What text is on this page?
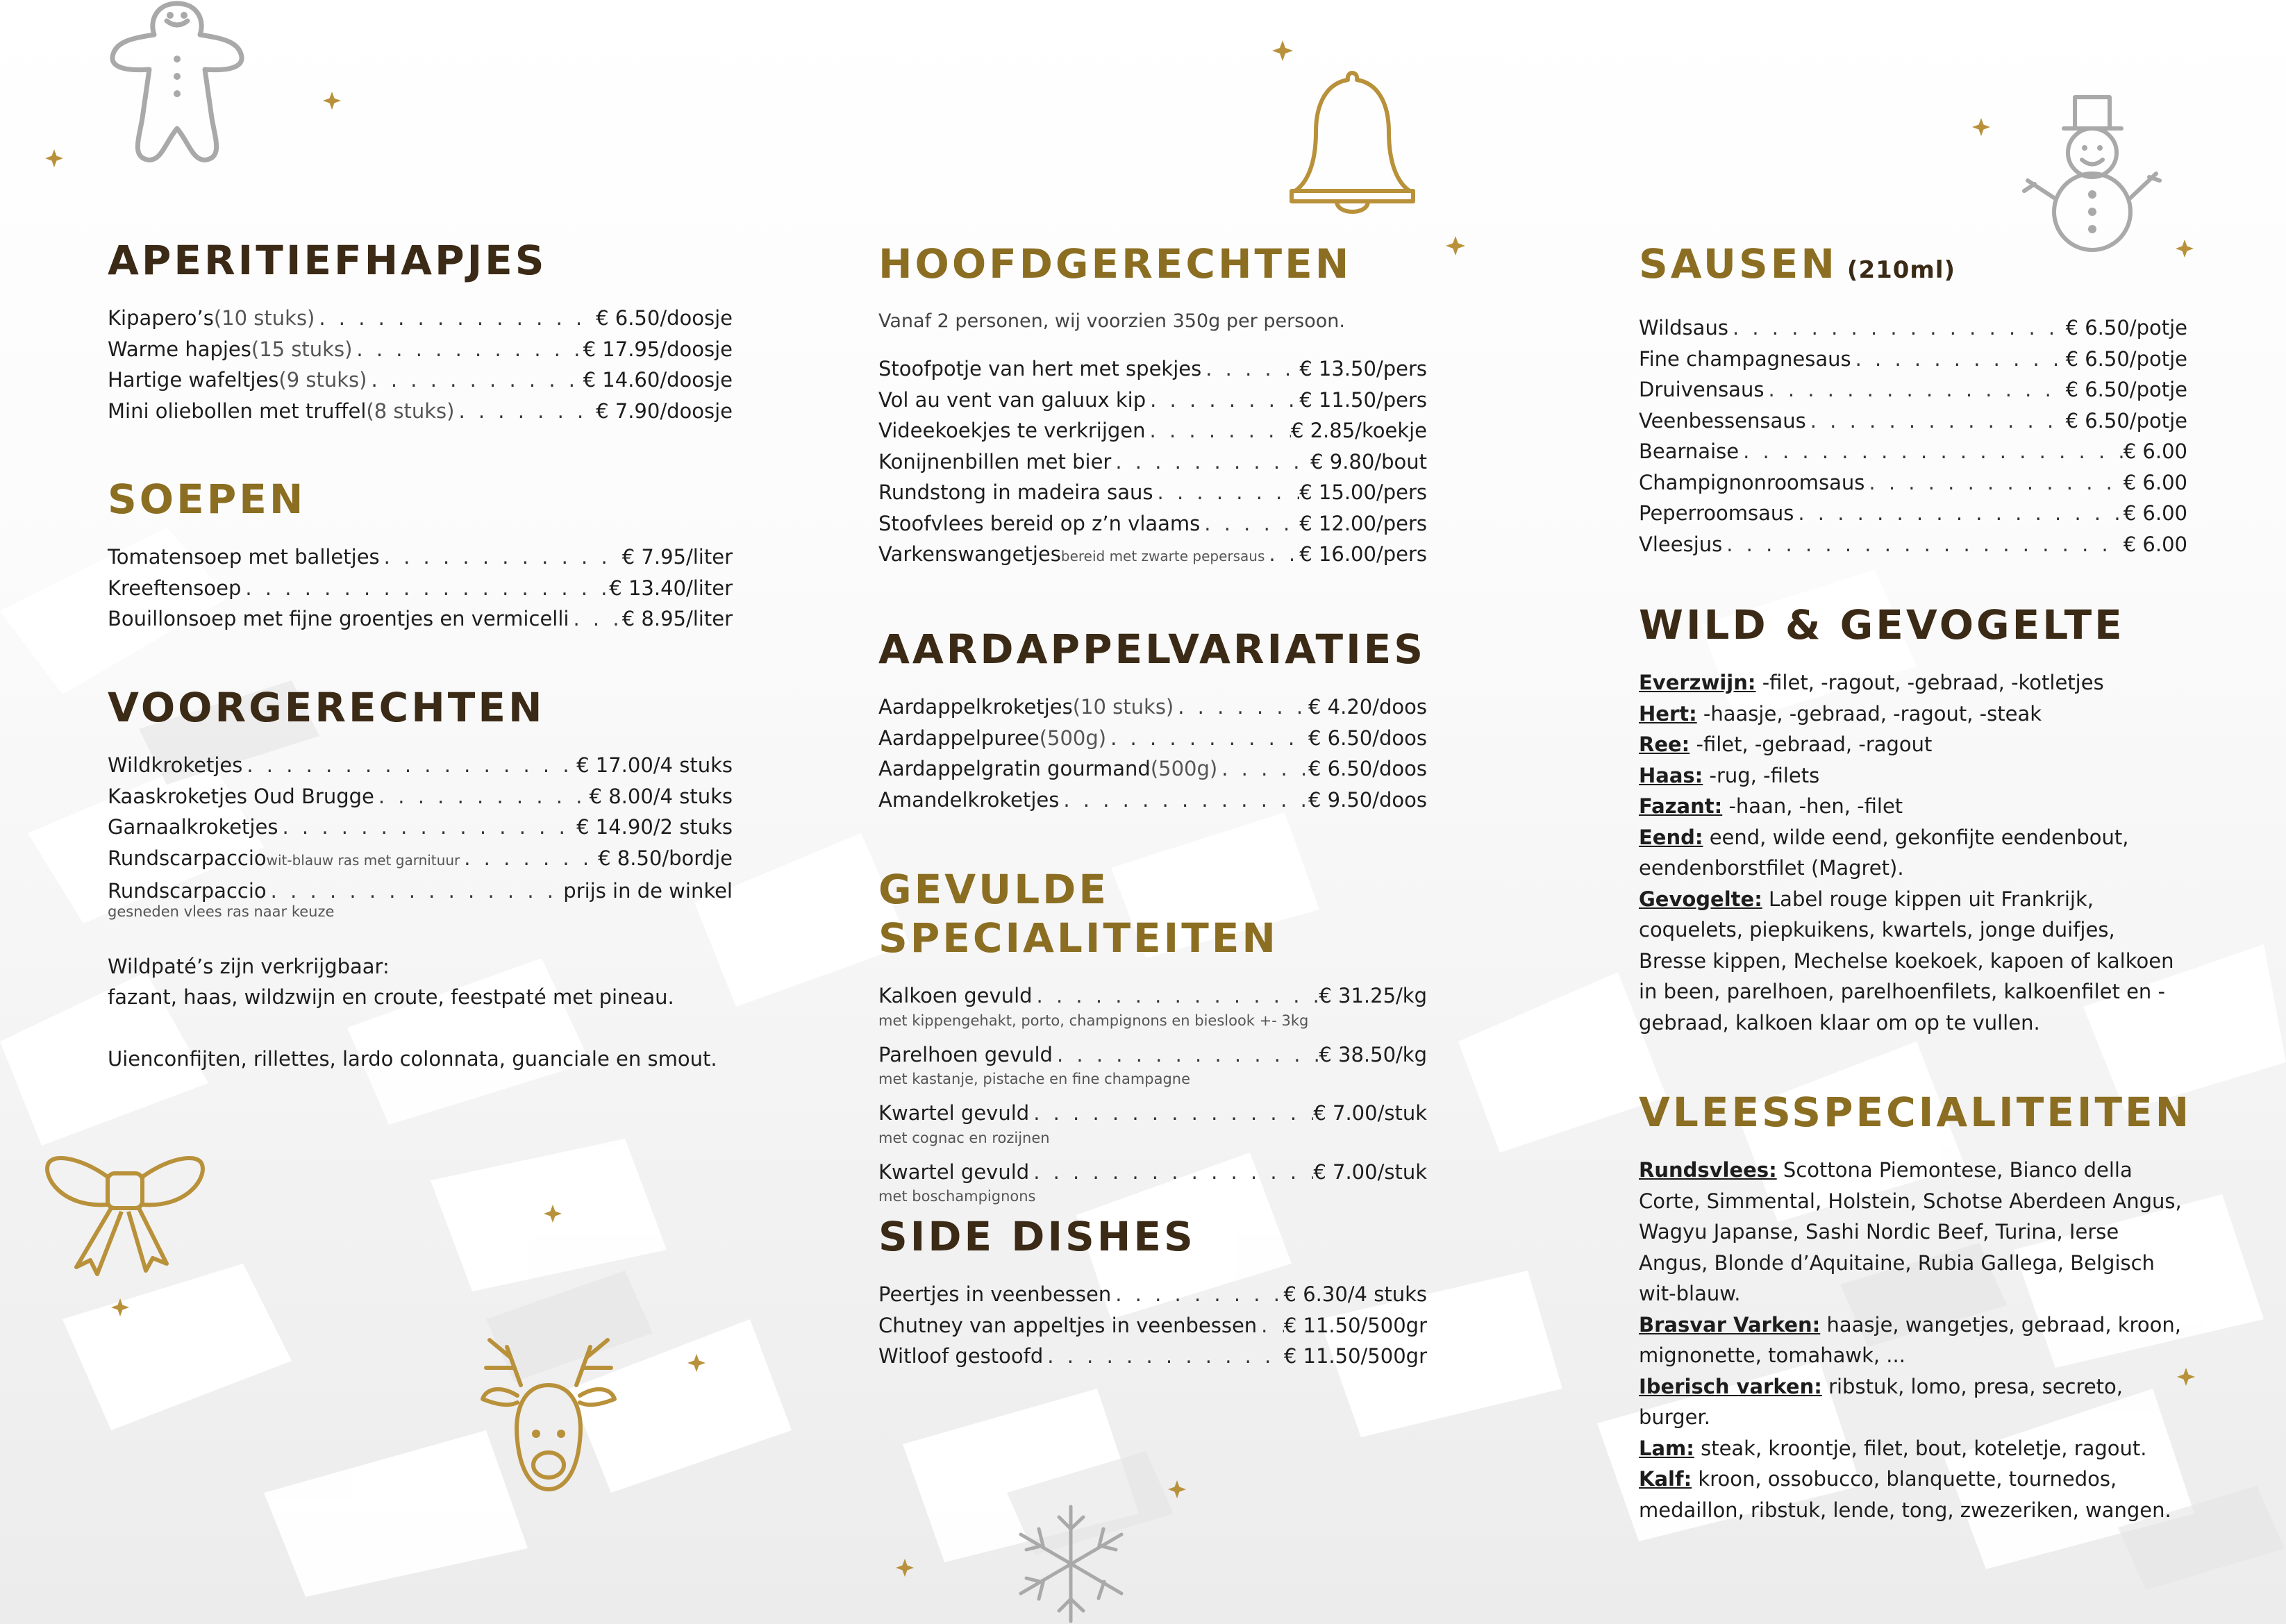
APERITIEFHAPJES
Kipapero’s (10 stuks) . . .	€ 6.50/doosje
Warme hapjes (15 stuks) . . .	€ 17.95/doosje
Hartige wafeltjes (9 stuks) . . .	€ 14.60/doosje
Mini oliebollen met truffel (8 stuks) . . .	€ 7.90/doosje
SOEPEN
Tomatensoep met balletjes . . .	€ 7.95/liter
Kreeftensoep . . .	€ 13.40/liter
Bouillonsoep met fijne groentjes en vermicelli . . .	€ 8.95/liter
VOORGERECHTEN
Wildkroketjes . . .	€ 17.00/4 stuks
Kaaskroketjes Oud Brugge . . .	€ 8.00/4 stuks
Garnaalkroketjes . . .	€ 14.90/2 stuks
Rundscarpaccio wit-blauw ras met garnituur . . .	€ 8.50/bordje
Rundscarpaccio . . .	prijs in de winkel
gesneden vlees ras naar keuze
Wildpaté’s zijn verkrijgbaar:
fazant, haas, wildzwijn en croute, feestpaté met pineau.
Uienconfijten, rillettes, lardo colonnata, guanciale en smout.
HOOFDGERECHTEN
Vanaf 2 personen, wij voorzien 350g per persoon.
Stoofpotje van hert met spekjes . . .	€ 13.50/pers
Vol au vent van galuux kip . . .	€ 11.50/pers
Videekoekjes te verkrijgen . . .	€ 2.85/koekje
Konijnenbillen met bier . . .	€ 9.80/bout
Rundstong in madeira saus . . .	€ 15.00/pers
Stoofvlees bereid op z’n vlaams . . .	€ 12.00/pers
Varkenswangetjes bereid met zwarte pepersaus . . . € 16.00/pers
AARDAPPELVARIATIES
Aardappelkroketjes (10 stuks) . . .	€ 4.20/doos
Aardappelpuree (500g) . . .	€ 6.50/doos
Aardappelgratin gourmand (500g) . . .	€ 6.50/doos
Amandelkroketjes . . .	€ 9.50/doos
GEVULDE SPECIALITEITEN
Kalkoen gevuld . . .	€ 31.25/kg
met kippengehakt, porto, champignons en bieslook +- 3kg
Parelhoen gevuld . . .	€ 38.50/kg
met kastanje, pistache en fine champagne
Kwartel gevuld . . .	€ 7.00/stuk
met cognac en rozijnen
Kwartel gevuld . . .	€ 7.00/stuk
met boschampignons
SIDE DISHES
Peertjes in veenbessen . . .	€ 6.30/4 stuks
Chutney van appeltjes in veenbessen . . . € 11.50/500gr
Witloof gestoofd . . .	€ 11.50/500gr
SAUSEN (210ml)
Wildsaus . . .	€ 6.50/potje
Fine champagnesaus . . .	€ 6.50/potje
Druivensaus . . .	€ 6.50/potje
Veenbessensaus . . .	€ 6.50/potje
Bearnaise . . .	€ 6.00
Champignonroomsaus . . .	€ 6.00
Peperroomsaus . . .	€ 6.00
Vleesjus . . .	€ 6.00
WILD & GEVOGELTE
Everzwijn: -filet, -ragout, -gebraad, -kotletjes
Hert: -haasje, -gebraad, -ragout, -steak
Ree: -filet, -gebraad, -ragout
Haas: -rug, -filets
Fazant: -haan, -hen, -filet
Eend: eend, wilde eend, gekonfijte eendenbout, eendenborstfilet (Magret).
Gevogelte: Label rouge kippen uit Frankrijk, coquelets, piepkuikens, kwartels, jonge duifjes, Bresse kippen, Mechelse koekoek, kapoen of kalkoen in been, parelhoen, parelhoenfilets, kalkoenfilet en -gebraad, kalkoen klaar om op te vullen.
VLEESSPECIALITEITEN
Rundsvlees: Scottona Piemontese, Bianco della Corte, Simmental, Holstein, Schotse Aberdeen Angus, Wagyu Japanse, Sashi Nordic Beef, Turina, Ierse Angus, Blonde d’Aquitaine, Rubia Gallega, Belgisch wit-blauw.
Brasvar Varken: haasje, wangetjes, gebraad, kroon, mignonette, tomahawk, ...
Iberisch varken: ribstuk, lomo, presa, secreto, burger.
Lam: steak, kroontje, filet, bout, koteletje, ragout.
Kalf: kroon, ossobucco, blanquette, tournedos, medaillon, ribstuk, lende, tong, zwezeriken, wangen.
